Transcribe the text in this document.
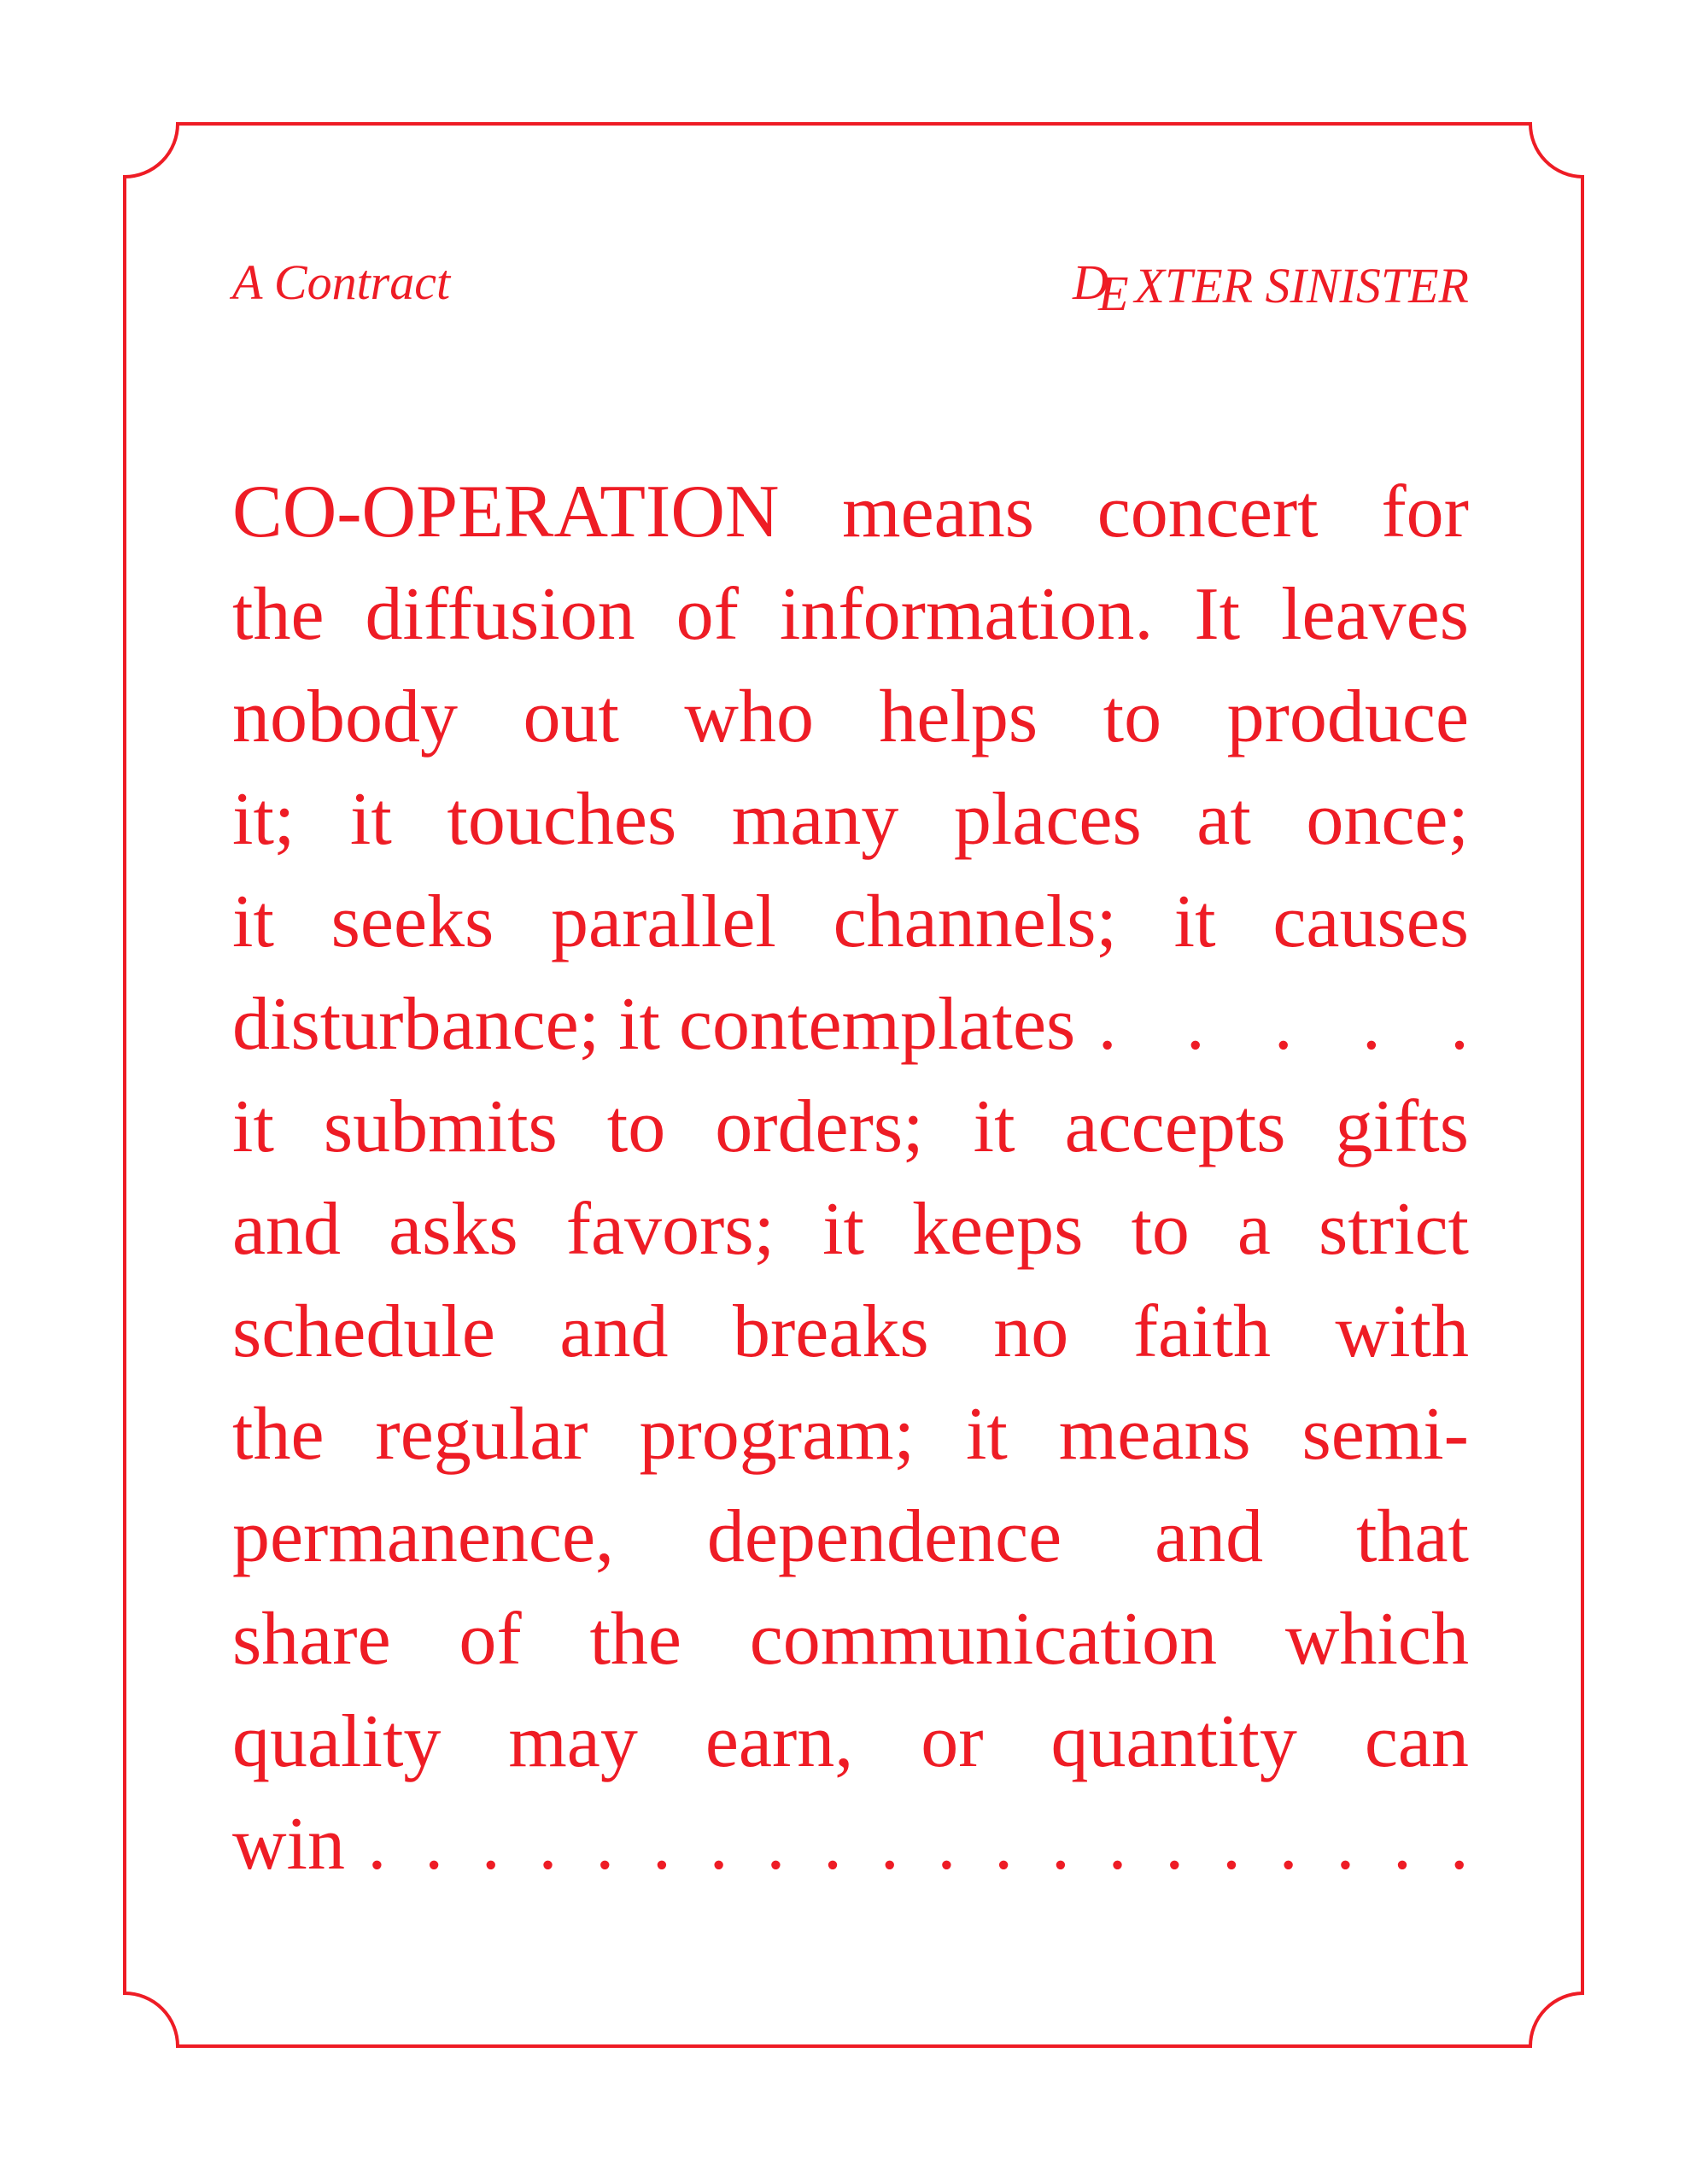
A Contract	D
E XTER SINISTER
CO-OPERATION means concert for
the diffusion of information. It leaves
nobody out who helps to produce
it; it touches many places at once;
it seeks parallel channels; it causes
disturbance; it contemplates . . . . .
it submits to orders; it accepts gifts
and asks favors; it keeps to a strict
schedule and breaks no faith with
the regular program; it means semi-
permanence, dependence and that
share of the communication which
quality may earn, or quantity can
win . . . . . . . . . . . . . . . . . . . .
